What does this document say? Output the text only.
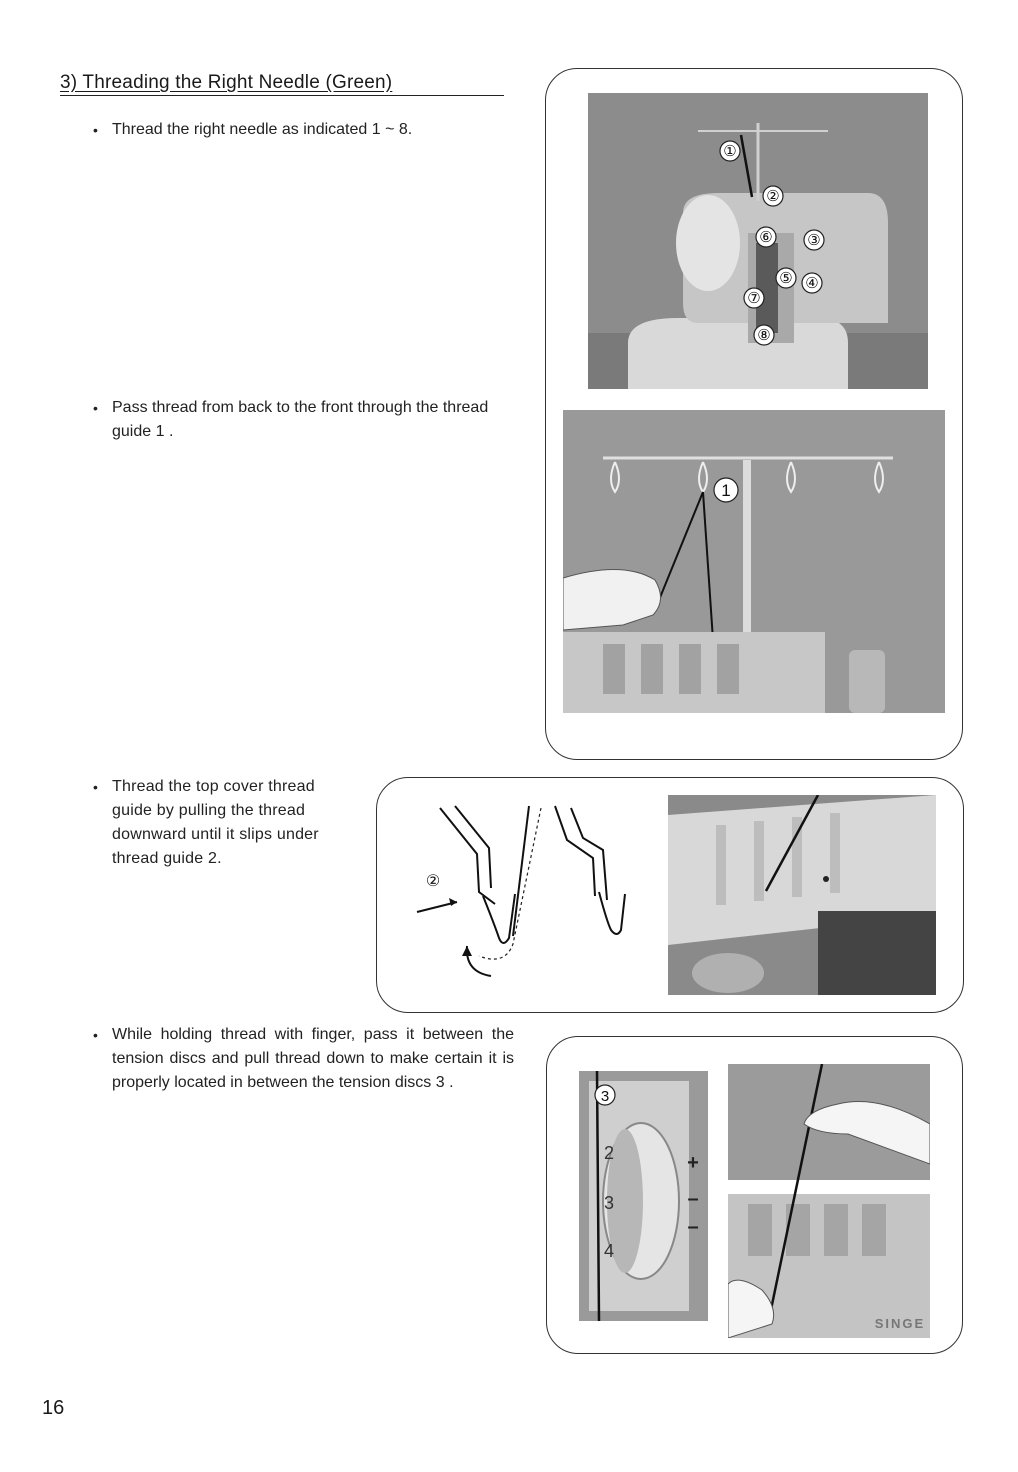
3) Threading the Right Needle (Green)
• Thread the right needle as indicated 1 ~ 8.
• Pass thread from back to the front through the thread guide 1 .
• Thread the top cover thread guide by pulling the thread downward until it slips under thread guide 2.
• While holding thread with finger, pass it between the tension discs and pull thread down to make certain it is properly located in between the tension discs 3 .
①
②
③
④
⑤
⑥
⑦
⑧
1
②
2
3
4
+
–
–
3
SINGE
16
